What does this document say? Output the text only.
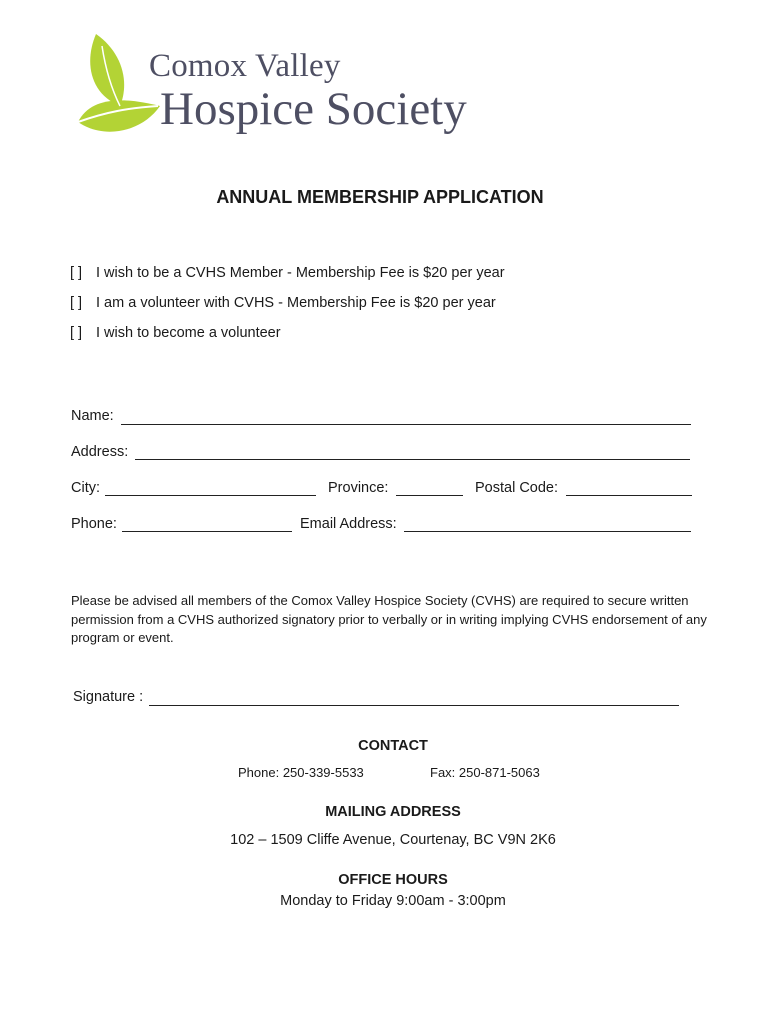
Comox Valley
Hospice Society
ANNUAL MEMBERSHIP APPLICATION
[ ] I wish to be a CVHS Member - Membership Fee is $20 per year
[ ] I am a volunteer with CVHS - Membership Fee is $20 per year
[ ] I wish to become a volunteer
Name:
Address:
City:	Province:	Postal Code:
Phone:	Email Address:
Please be advised all members of the Comox Valley Hospice Society (CVHS) are required to secure written permission from a CVHS authorized signatory prior to verbally or in writing implying CVHS endorsement of any program or event.
Signature :
CONTACT
Phone: 250-339-5533	Fax: 250-871-5063
MAILING ADDRESS
102 – 1509 Cliffe Avenue, Courtenay, BC V9N 2K6
OFFICE HOURS
Monday to Friday 9:00am - 3:00pm
